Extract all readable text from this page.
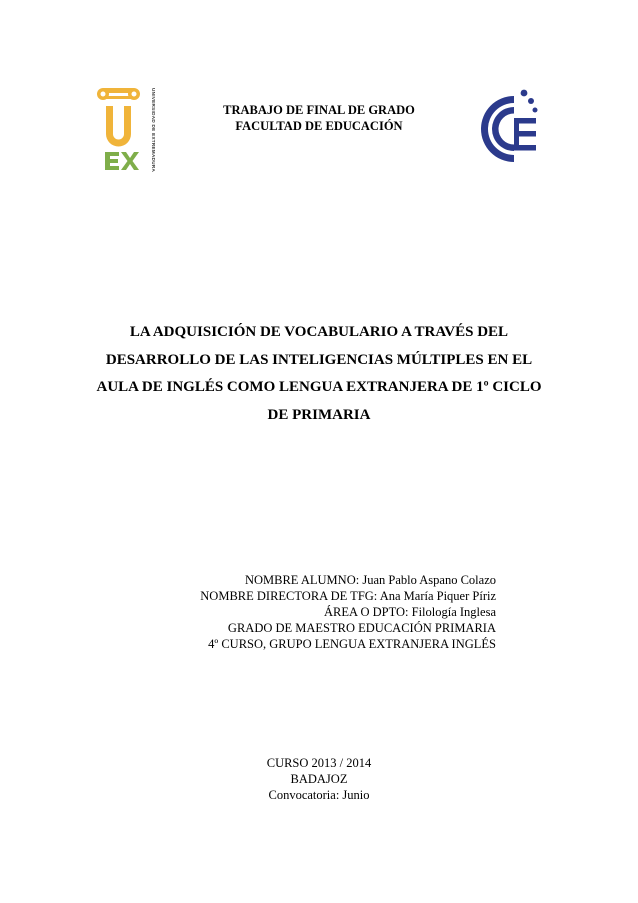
UNIVERSIDAD DE EXTREMADURA	TRABAJO DE FINAL DE GRADO
FACULTAD DE EDUCACIÓN
LA ADQUISICIÓN DE VOCABULARIO A TRAVÉS DEL
DESARROLLO DE LAS INTELIGENCIAS MÚLTIPLES EN EL
AULA DE INGLÉS COMO LENGUA EXTRANJERA DE 1º CICLO
DE PRIMARIA
NOMBRE ALUMNO: Juan Pablo Aspano Colazo
NOMBRE DIRECTORA DE TFG: Ana María Piquer Píriz
ÁREA O DPTO: Filología Inglesa
GRADO DE MAESTRO EDUCACIÓN PRIMARIA
4º CURSO, GRUPO LENGUA EXTRANJERA INGLÉS
CURSO 2013 / 2014
BADAJOZ
Convocatoria: Junio
